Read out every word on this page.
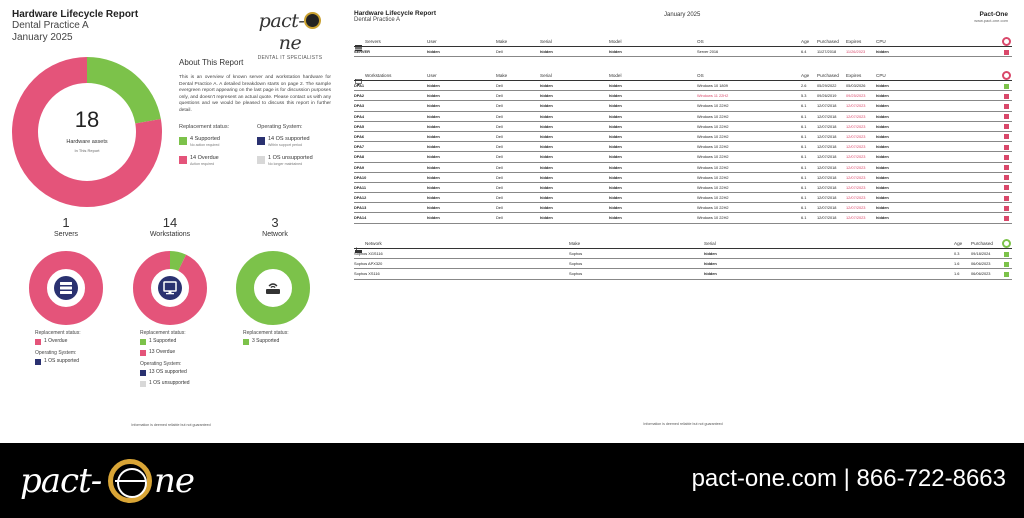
Hardware Lifecycle Report
Dental Practice A
January 2025
pact-ne
DENTAL IT SPECIALISTS
18
Hardware assets
In This Report
About This Report

This is an overview of known server and workstation hardware for Dental Practice A. A detailed breakdown starts on page 2. The sample evergreen report appearing on the last page is for discussion purposes only, and doesn't represent an actual quote. Please contact us with any questions and we would be pleased to discuss this report in further detail.

Replacement status:	Operating System:
4 Supported
No action required
14 OS supported
Within support period
14 Overdue
Action required
1 OS unsupported
No longer maintained
1
Servers
14
Workstations
3
Network
Replacement status:
1 Overdue
Operating System:
1 OS supported
Replacement status:
1 Supported
13 Overdue
Operating System:
13 OS supported
1 OS unsupported
Replacement status:
3 Supported
Information is deemed reliable but not guaranteed
Hardware Lifecycle Report
Dental Practice A
January 2025	Pact-One
www.pact-one.com
Servers	User	Make	Serial	Model	OS	Age Purchased Expires	CPU
SERVER	hidden	Dell	hidden	hidden	Server 2016	6.4	11/27/2018	11/26/2023	hidden
Workstations	User	Make	Serial	Model	OS	Age Purchased Expires	CPU
DPA1	hidden	Dell	hidden	hidden	Windows 10 1809	2.6	05/29/2022 05/03/2026	hidden
DPA2	hidden	Dell	hidden	hidden	Windows 11 22H2	5.3	09/26/2019 09/25/2023	hidden
DPA3	hidden	Dell	hidden	hidden	Windows 10 22H2	6.1	12/07/2018 12/07/2023	hidden
DPA4	hidden	Dell	hidden	hidden	Windows 10 22H2	6.1	12/07/2018 12/07/2023	hidden
DPA5	hidden	Dell	hidden	hidden	Windows 10 22H2	6.1	12/07/2018 12/07/2023	hidden
DPA6	hidden	Dell	hidden	hidden	Windows 10 22H2	6.1	12/07/2018 12/07/2023	hidden
DPA7	hidden	Dell	hidden	hidden	Windows 10 22H2	6.1	12/07/2018 12/07/2023	hidden
DPA8	hidden	Dell	hidden	hidden	Windows 10 22H2	6.1	12/07/2018 12/07/2023	hidden
DPA9	hidden	Dell	hidden	hidden	Windows 10 22H2	6.1	12/07/2018 12/07/2023	hidden
DPA10	hidden	Dell	hidden	hidden	Windows 10 22H2	6.1	12/07/2018 12/07/2023	hidden
DPA11	hidden	Dell	hidden	hidden	Windows 10 22H2	6.1	12/07/2018 12/07/2023	hidden
DPA12	hidden	Dell	hidden	hidden	Windows 10 22H2	6.1	12/07/2018 12/07/2023	hidden
DPA13	hidden	Dell	hidden	hidden	Windows 10 22H2	6.1	12/07/2018 12/07/2023	hidden
DPA14	hidden	Dell	hidden	hidden	Windows 10 22H2	6.1	12/07/2018 12/07/2023	hidden
Network	Make	Serial	Age Purchased
Sophos XGS116	Sophos	hidden	0.3	09/18/2024
Sophos APX320	Sophos	hidden	1.6	06/06/2023
Sophos XS116	Sophos	hidden	1.6	06/06/2023
Information is deemed reliable but not guaranteed
pact- ne	pact-one.com | 866-722-8663
